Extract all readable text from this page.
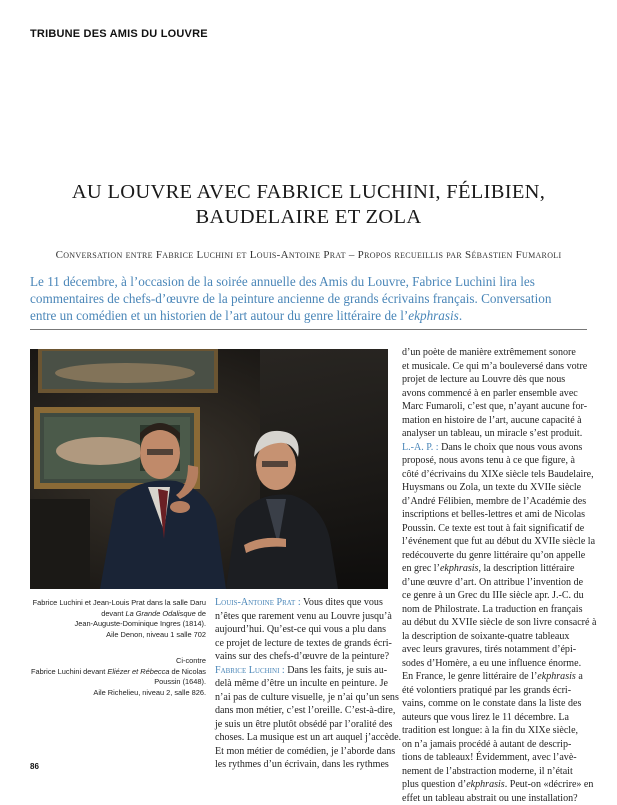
TRIBUNE DES AMIS DU LOUVRE
AU LOUVRE AVEC FABRICE LUCHINI, FÉLIBIEN,
BAUDELAIRE ET ZOLA
Conversation entre Fabrice Luchini et Louis-Antoine Prat – Propos recueillis par Sébastien Fumaroli
Le 11 décembre, à l’occasion de la soirée annuelle des Amis du Louvre, Fabrice Luchini lira les
commentaires de chefs-d’œuvre de la peinture ancienne de grands écrivains français. Conversation
entre un comédien et un historien de l’art autour du genre littéraire de l’ekphrasis.
Fabrice Luchini et Jean-Louis Prat dans la salle Daru
devant La Grande Odalisque de
Jean-Auguste-Dominique Ingres (1814).
Aile Denon, niveau 1 salle 702
Ci-contre
Fabrice Luchini devant Eliézer et Rébecca de Nicolas
Poussin (1648).
Aile Richelieu, niveau 2, salle 826.
Louis-Antoine Prat : Vous dites que vous
n’êtes que rarement venu au Louvre jusqu’à
aujourd’hui. Qu’est-ce qui vous a plu dans
ce projet de lecture de textes de grands écri-
vains sur des chefs-d’œuvre de la peinture?
Fabrice Luchini : Dans les faits, je suis au-
delà même d’être un inculte en peinture. Je
n’ai pas de culture visuelle, je n’ai qu’un sens
dans mon métier, c’est l’oreille. C’est-à-dire,
je suis un être plutôt obsédé par l’oralité des
choses. La musique est un art auquel j’accède.
Et mon métier de comédien, je l’aborde dans
les rythmes d’un écrivain, dans les rythmes
d’un poète de manière extrêmement sonore
et musicale. Ce qui m’a bouleversé dans votre
projet de lecture au Louvre dès que nous
avons commencé à en parler ensemble avec
Marc Fumaroli, c’est que, n’ayant aucune for-
mation en histoire de l’art, aucune capacité à
analyser un tableau, un miracle s’est produit.
L.-A. P. : Dans le choix que nous vous avons
proposé, nous avons tenu à ce que figure, à
côté d’écrivains du XIXe siècle tels Baudelaire,
Huysmans ou Zola, un texte du XVIIe siècle
d’André Félibien, membre de l’Académie des
inscriptions et belles-lettres et ami de Nicolas
Poussin. Ce texte est tout à fait significatif de
l’événement que fut au début du XVIIe siècle la
redécouverte du genre littéraire qu’on appelle
en grec l’ekphrasis, la description littéraire
d’une œuvre d’art. On attribue l’invention de
ce genre à un Grec du IIIe siècle apr. J.-C. du
nom de Philostrate. La traduction en français
au début du XVIIe siècle de son livre consacré à
la description de soixante-quatre tableaux
avec leurs gravures, tirés notamment d’épi-
sodes d’Homère, a eu une influence énorme.
En France, le genre littéraire de l’ekphrasis a
été volontiers pratiqué par les grands écri-
vains, comme on le constate dans la liste des
auteurs que vous lirez le 11 décembre. La
tradition est longue: à la fin du XIXe siècle,
on n’a jamais procédé à autant de descrip-
tions de tableaux! Évidemment, avec l’avè-
nement de l’abstraction moderne, il n’était
plus question d’ekphrasis. Peut-on «décrire» en
effet un tableau abstrait ou une installation?
86
